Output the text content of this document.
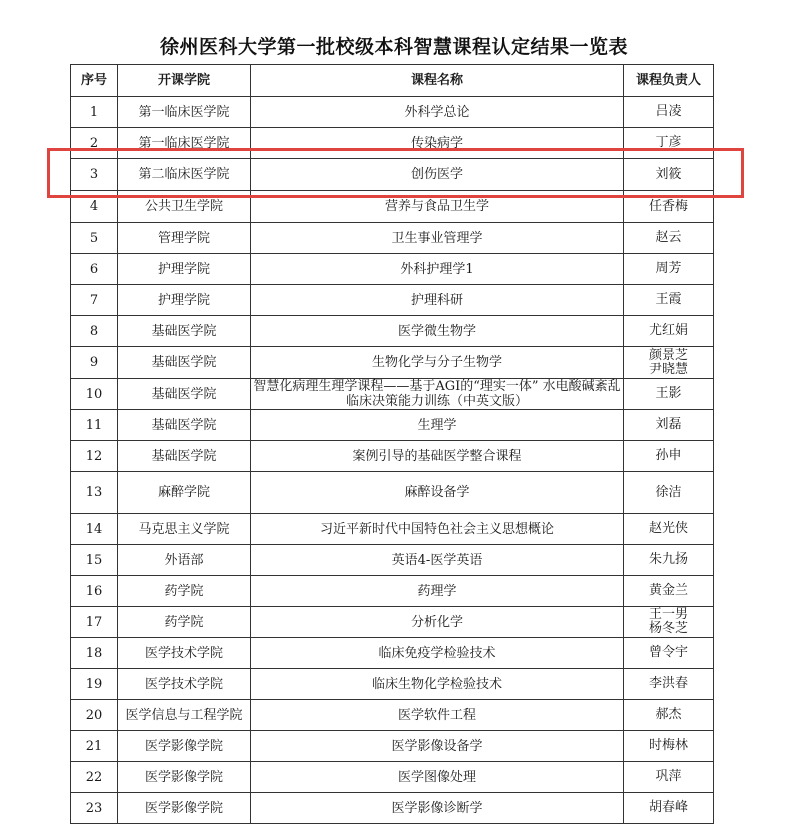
徐州医科大学第一批校级本科智慧课程认定结果一览表
序号	开课学院	课程名称	课程负责人
1	第一临床医学院	外科学总论	吕凌

2	第一临床医学院	传染病学	丁彦

3	第二临床医学院	创伤医学	刘筱

4	公共卫生学院	营养与食品卫生学	任香梅

5	管理学院	卫生事业管理学	赵云

6	护理学院	外科护理学1	周芳

7	护理学院	护理科研	王霞

8	基础医学院	医学微生物学	尤红娟

9	基础医学院	生物化学与分子生物学	颜景芝
尹晓慧

10	基础医学院	智慧化病理生理学课程——基于AGI的“理实一体” 水电酸碱紊乱临床决策能力训练（中英文版）	王影

11	基础医学院	生理学	刘磊

12	基础医学院	案例引导的基础医学整合课程	孙申

13	麻醉学院	麻醉设备学	徐洁

14	马克思主义学院	习近平新时代中国特色社会主义思想概论	赵光侠

15	外语部	英语4-医学英语	朱九扬

16	药学院	药理学	黄金兰

17	药学院	分析化学	王一男
杨冬芝

18	医学技术学院	临床免疫学检验技术	曾令宇

19	医学技术学院	临床生物化学检验技术	李洪春

20	医学信息与工程学院	医学软件工程	郝杰

21	医学影像学院	医学影像设备学	时梅林

22	医学影像学院	医学图像处理	巩萍

23	医学影像学院	医学影像诊断学	胡春峰
